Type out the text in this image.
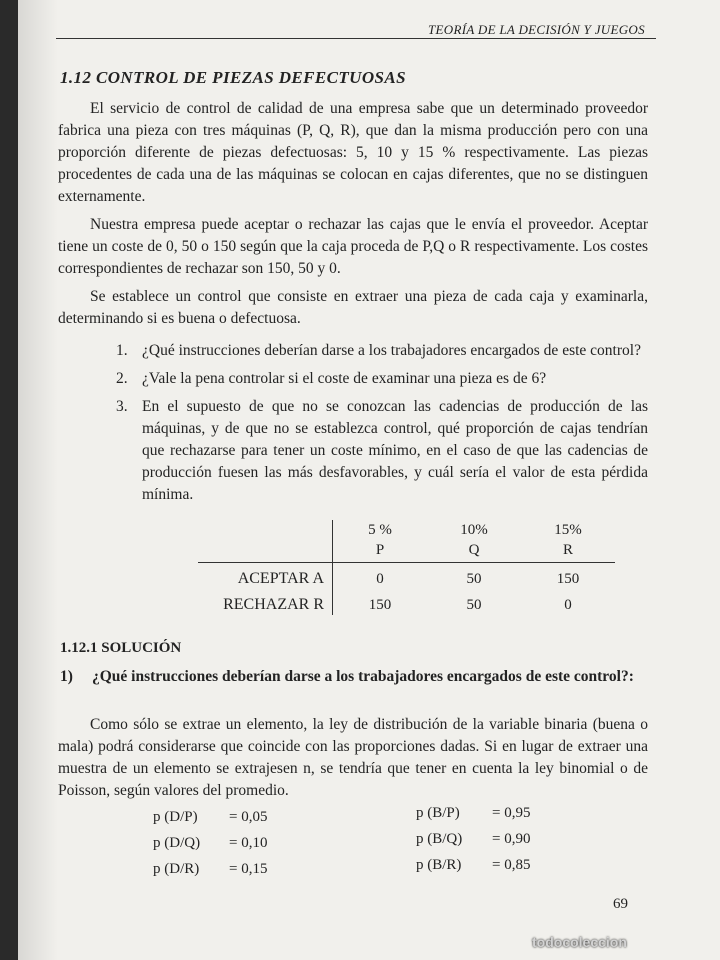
TEORÍA DE LA DECISIÓN Y JUEGOS
1.12 CONTROL DE PIEZAS DEFECTUOSAS

El servicio de control de calidad de una empresa sabe que un determinado proveedor fabrica una pieza con tres máquinas (P, Q, R), que dan la misma producción pero con una proporción diferente de piezas defectuosas: 5, 10 y 15 % respectivamente. Las piezas procedentes de cada una de las máquinas se colocan en cajas diferentes, que no se distinguen externamente.

Nuestra empresa puede aceptar o rechazar las cajas que le envía el proveedor. Aceptar tiene un coste de 0, 50 o 150 según que la caja proceda de P,Q o R respectivamente. Los costes correspondientes de rechazar son 150, 50 y 0.

Se establece un control que consiste en extraer una pieza de cada caja y examinarla, determinando si es buena o defectuosa.

1. ¿Qué instrucciones deberían darse a los trabajadores encargados de este control?
2. ¿Vale la pena controlar si el coste de examinar una pieza es de 6?
3. En el supuesto de que no se conozcan las cadencias de producción de las máquinas, y de que no se establezca control, qué proporción de cajas tendrían que rechazarse para tener un coste mínimo, en el caso de que las cadencias de producción fuesen las más desfavorables, y cuál sería el valor de esta pérdida mínima.
	5 %	10%	15%
	P	Q	R
ACEPTAR A	0	50	150
RECHAZAR R	150	50	0
1.12.1 SOLUCIÓN
1)	¿Qué instrucciones deberían darse a los trabajadores encargados de este control?:

Como sólo se extrae un elemento, la ley de distribución de la variable binaria (buena o mala) podrá considerarse que coincide con las proporciones dadas. Si en lugar de extraer una muestra de un elemento se extrajesen n, se tendría que tener en cuenta la ley binomial o de Poisson, según valores del promedio.

p (D/P) = 0,05
p (D/Q) = 0,10
p (D/R) = 0,15
p (B/P) = 0,95
p (B/Q) = 0,90
p (B/R) = 0,85
69
todocoleccion
